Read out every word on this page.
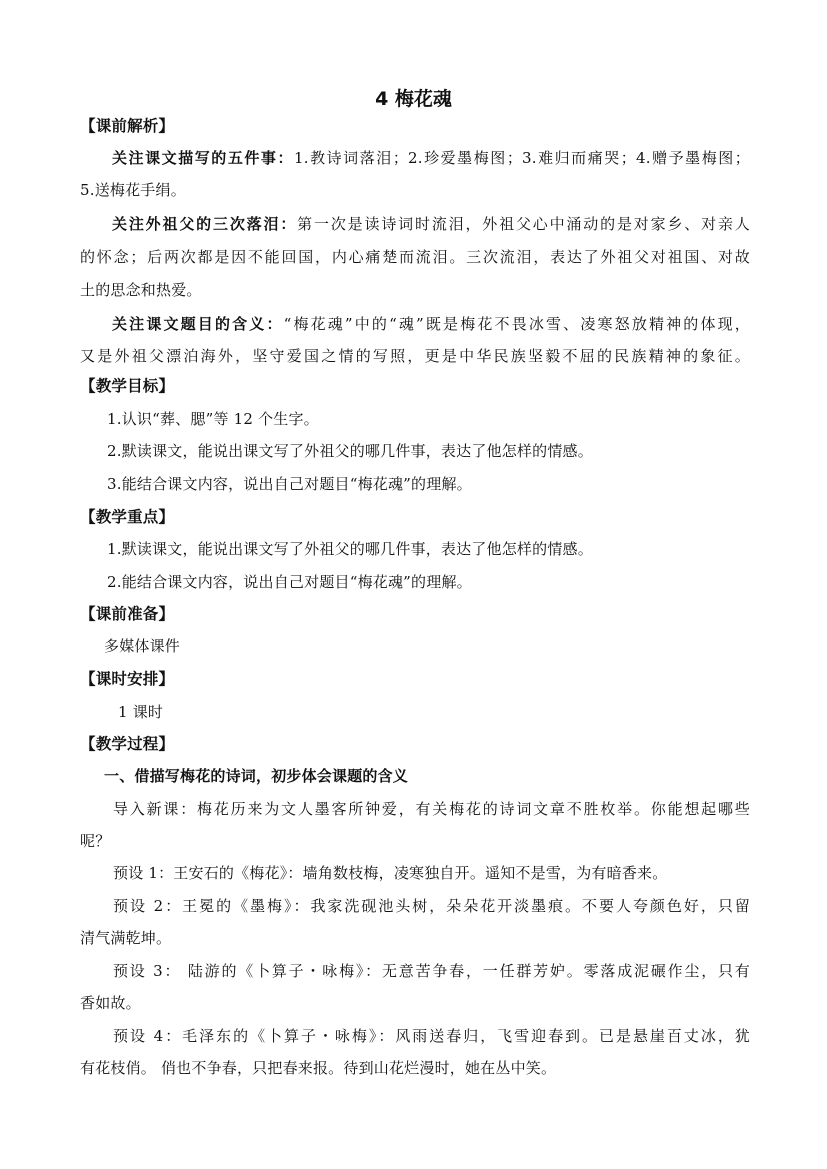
4 梅花魂
【课前解析】
关注课文描写的五件事：1.教诗词落泪；2.珍爱墨梅图；3.难归而痛哭；4.赠予墨梅图；
5.送梅花手绢。
关注外祖父的三次落泪：第一次是读诗词时流泪，外祖父心中涌动的是对家乡、对亲人
的怀念；后两次都是因不能回国，内心痛楚而流泪。三次流泪，表达了外祖父对祖国、对故
土的思念和热爱。
关注课文题目的含义：“梅花魂”中的“魂”既是梅花不畏冰雪、凌寒怒放精神的体现，
又是外祖父漂泊海外，坚守爱国之情的写照，更是中华民族坚毅不屈的民族精神的象征。
【教学目标】
1.认识“葬、腮”等 12 个生字。
2.默读课文，能说出课文写了外祖父的哪几件事，表达了他怎样的情感。
3.能结合课文内容，说出自己对题目“梅花魂”的理解。
【教学重点】
1.默读课文，能说出课文写了外祖父的哪几件事，表达了他怎样的情感。
2.能结合课文内容，说出自己对题目“梅花魂”的理解。
【课前准备】
多媒体课件
【课时安排】
1 课时
【教学过程】
一、借描写梅花的诗词，初步体会课题的含义
导入新课：梅花历来为文人墨客所钟爱，有关梅花的诗词文章不胜枚举。你能想起哪些
呢？
预设 1：王安石的《梅花》：墙角数枝梅，凌寒独自开。遥知不是雪，为有暗香来。
预设 2：王冕的《墨梅》：我家洗砚池头树，朵朵花开淡墨痕。不要人夸颜色好，只留
清气满乾坤。
预设 3： 陆游的《卜算子・咏梅》：无意苦争春，一任群芳妒。零落成泥碾作尘，只有
香如故。
预设 4：毛泽东的《卜算子・咏梅》：风雨送春归，飞雪迎春到。已是悬崖百丈冰，犹
有花枝俏。 俏也不争春，只把春来报。待到山花烂漫时，她在丛中笑。
